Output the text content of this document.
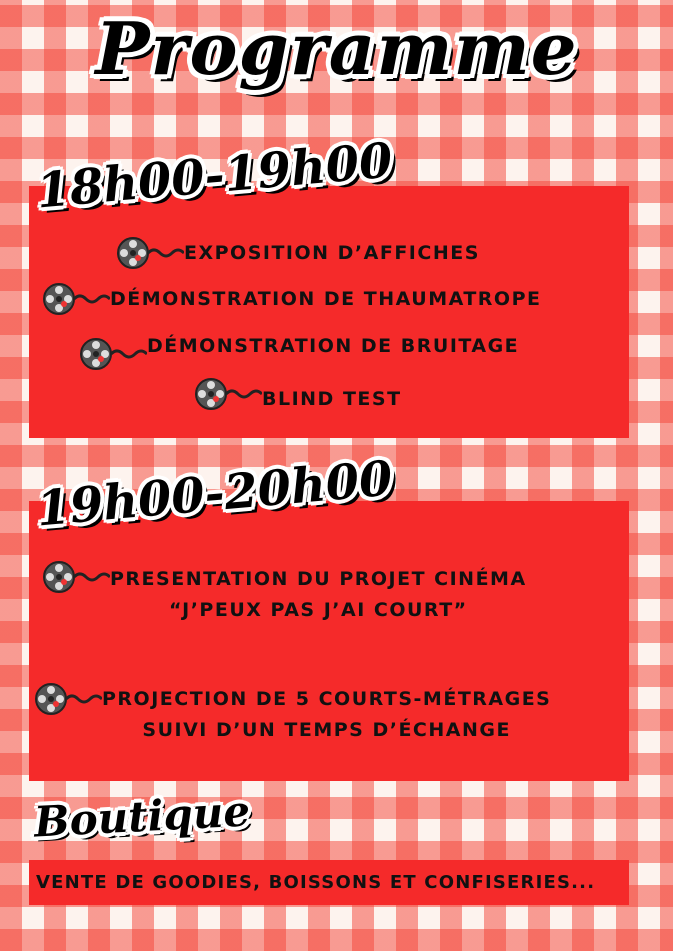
Programme
18h00-19h00
EXPOSITION D’AFFICHES
DÉMONSTRATION DE THAUMATROPE
DÉMONSTRATION DE BRUITAGE
BLIND TEST
19h00-20h00
PRESENTATION DU PROJET CINÉMA
“J’PEUX PAS J’AI COURT”
PROJECTION DE 5 COURTS-MÉTRAGES
SUIVI D’UN TEMPS D’ÉCHANGE
Boutique
VENTE DE GOODIES, BOISSONS ET CONFISERIES...
